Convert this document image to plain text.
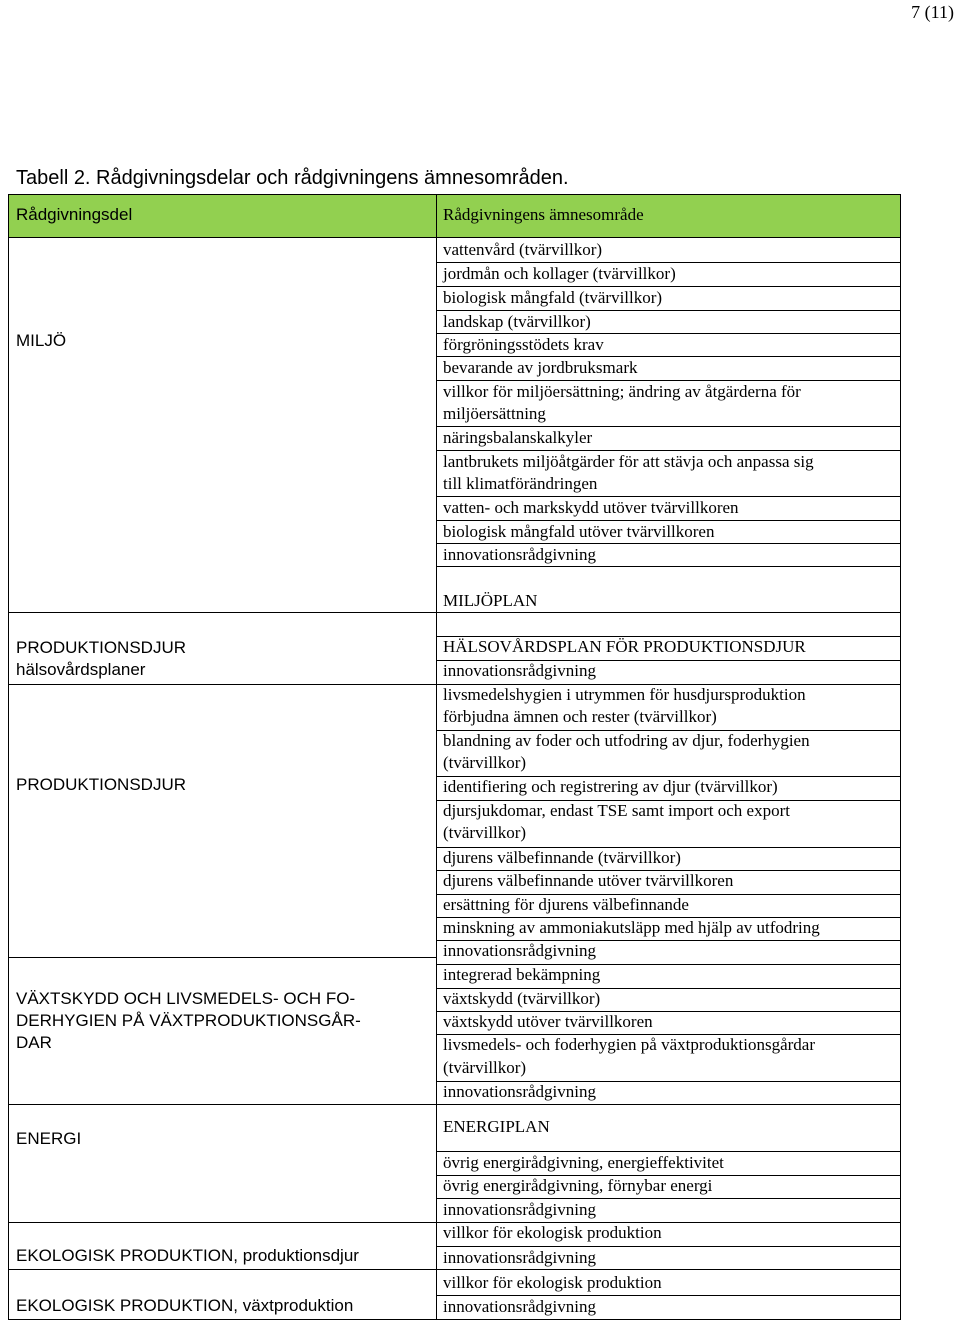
7 (11)
Tabell 2. Rådgivningsdelar och rådgivningens ämnesområden.
Rådgivningsdel	Rådgivningens ämnesområde
MILJÖ
PRODUKTIONSDJUR
hälsovårdsplaner
PRODUKTIONSDJUR
VÄXTSKYDD OCH LIVSMEDELS- OCH FO-
DERHYGIEN PÅ VÄXTPRODUKTIONSGÅR-
DAR
ENERGI
EKOLOGISK PRODUKTION, produktionsdjur
EKOLOGISK PRODUKTION, växtproduktion
vattenvård (tvärvillkor)
jordmån och kollager (tvärvillkor)
biologisk mångfald (tvärvillkor)
landskap (tvärvillkor)
förgröningsstödets krav
bevarande av jordbruksmark
villkor för miljöersättning; ändring av åtgärderna för
miljöersättning
näringsbalanskalkyler
lantbrukets miljöåtgärder för att stävja och anpassa sig
till klimatförändringen
vatten- och markskydd utöver tvärvillkoren
biologisk mångfald utöver tvärvillkoren
innovationsrådgivning
MILJÖPLAN
HÄLSOVÅRDSPLAN FÖR PRODUKTIONSDJUR
innovationsrådgivning
livsmedelshygien i utrymmen för husdjursproduktion
förbjudna ämnen och rester (tvärvillkor)
blandning av foder och utfodring av djur, foderhygien
(tvärvillkor)
identifiering och registrering av djur (tvärvillkor)
djursjukdomar, endast TSE samt import och export
(tvärvillkor)
djurens välbefinnande (tvärvillkor)
djurens välbefinnande utöver tvärvillkoren
ersättning för djurens välbefinnande
minskning av ammoniakutsläpp med hjälp av utfodring
innovationsrådgivning
integrerad bekämpning
växtskydd (tvärvillkor)
växtskydd utöver tvärvillkoren
livsmedels- och foderhygien på växtproduktionsgårdar
(tvärvillkor)
innovationsrådgivning
ENERGIPLAN
övrig energirådgivning, energieffektivitet
övrig energirådgivning, förnybar energi
innovationsrådgivning
villkor för ekologisk produktion
innovationsrådgivning
villkor för ekologisk produktion
innovationsrådgivning
